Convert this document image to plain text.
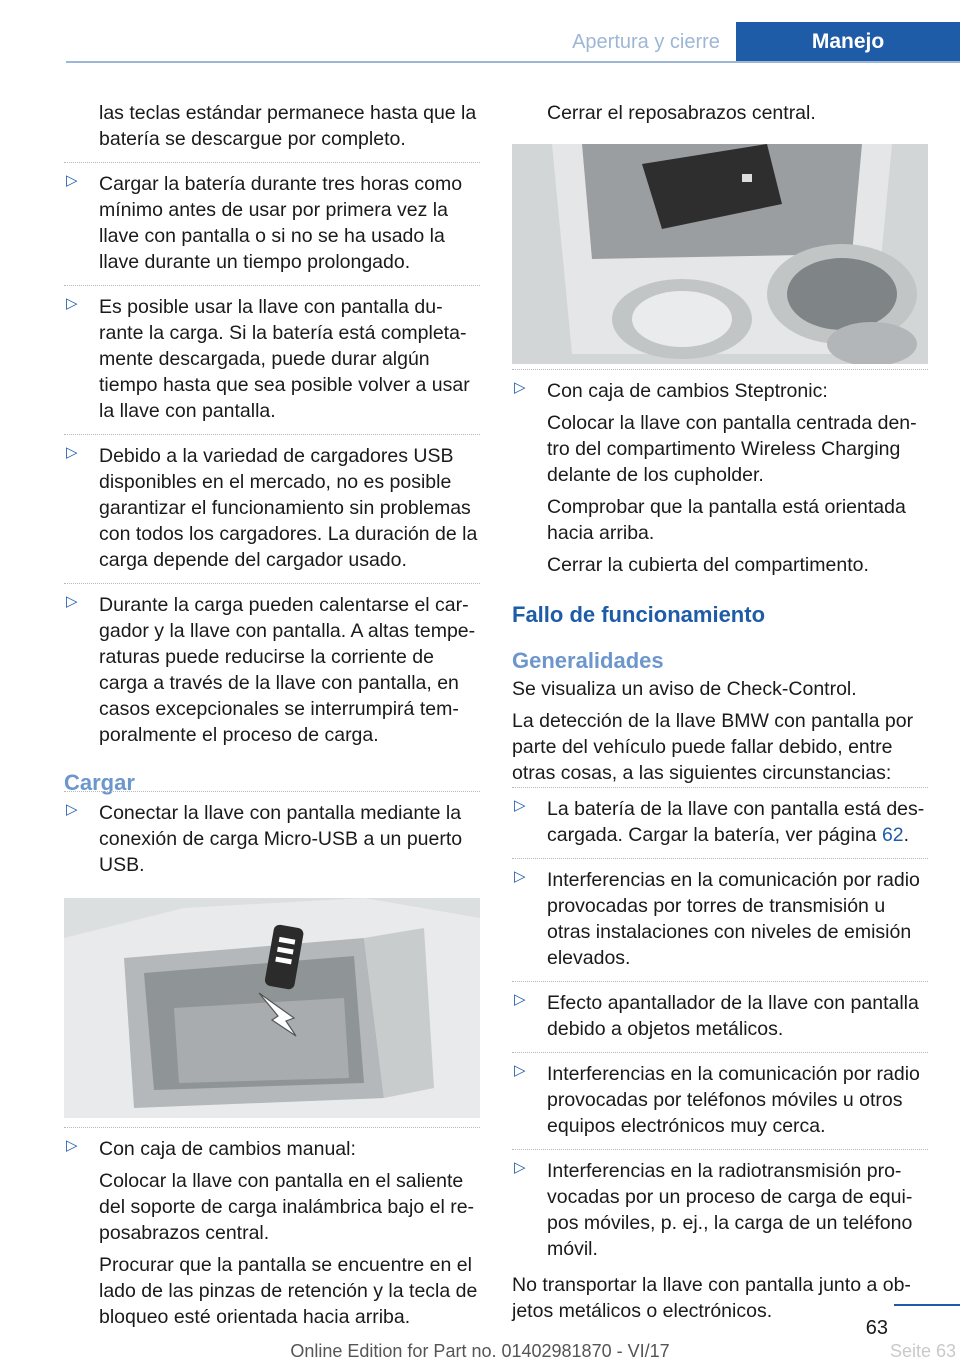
Apertura y cierre	Manejo

las teclas estándar permanece hasta que la batería se descargue por completo.

▷ Cargar la batería durante tres horas como mínimo antes de usar por primera vez la llave con pantalla o si no se ha usado la llave durante un tiempo prolongado.

▷ Es posible usar la llave con pantalla du‐rante la carga. Si la batería está completa‐mente descargada, puede durar algún tiempo hasta que sea posible volver a usar la llave con pantalla.

▷ Debido a la variedad de cargadores USB disponibles en el mercado, no es posible garantizar el funcionamiento sin problemas con todos los cargadores. La duración de la carga depende del cargador usado.

▷ Durante la carga pueden calentarse el car‐gador y la llave con pantalla. A altas tempe‐raturas puede reducirse la corriente de carga a través de la llave con pantalla, en casos excepcionales se interrumpirá tem‐poralmente el proceso de carga.

Cargar
▷ Conectar la llave con pantalla mediante la conexión de carga Micro-USB a un puerto USB.

▷ Con caja de cambios manual:

Colocar la llave con pantalla en el saliente del soporte de carga inalámbrica bajo el re‐posabrazos central.

Procurar que la pantalla se encuentre en el lado de las pinzas de retención y la tecla de bloqueo esté orientada hacia arriba.

Cerrar el reposabrazos central.

▷ Con caja de cambios Steptronic:

Colocar la llave con pantalla centrada den‐tro del compartimento Wireless Charging delante de los cupholder.

Comprobar que la pantalla está orientada hacia arriba.

Cerrar la cubierta del compartimento.

Fallo de funcionamiento
Generalidades

Se visualiza un aviso de Check-Control.

La detección de la llave BMW con pantalla por parte del vehículo puede fallar debido, entre otras cosas, a las siguientes circunstancias:

▷ La batería de la llave con pantalla está des‐cargada. Cargar la batería, ver página 62.

▷ Interferencias en la comunicación por radio provocadas por torres de transmisión u otras instalaciones con niveles de emisión elevados.

▷ Efecto apantallador de la llave con pantalla debido a objetos metálicos.

▷ Interferencias en la comunicación por radio provocadas por teléfonos móviles u otros equipos electrónicos muy cerca.

▷ Interferencias en la radiotransmisión pro‐vocadas por un proceso de carga de equi‐pos móviles, p. ej., la carga de un teléfono móvil.

No transportar la llave con pantalla junto a ob‐jetos metálicos o electrónicos.

63
Online Edition for Part no. 01402981870 - VI/17	Seite 63
